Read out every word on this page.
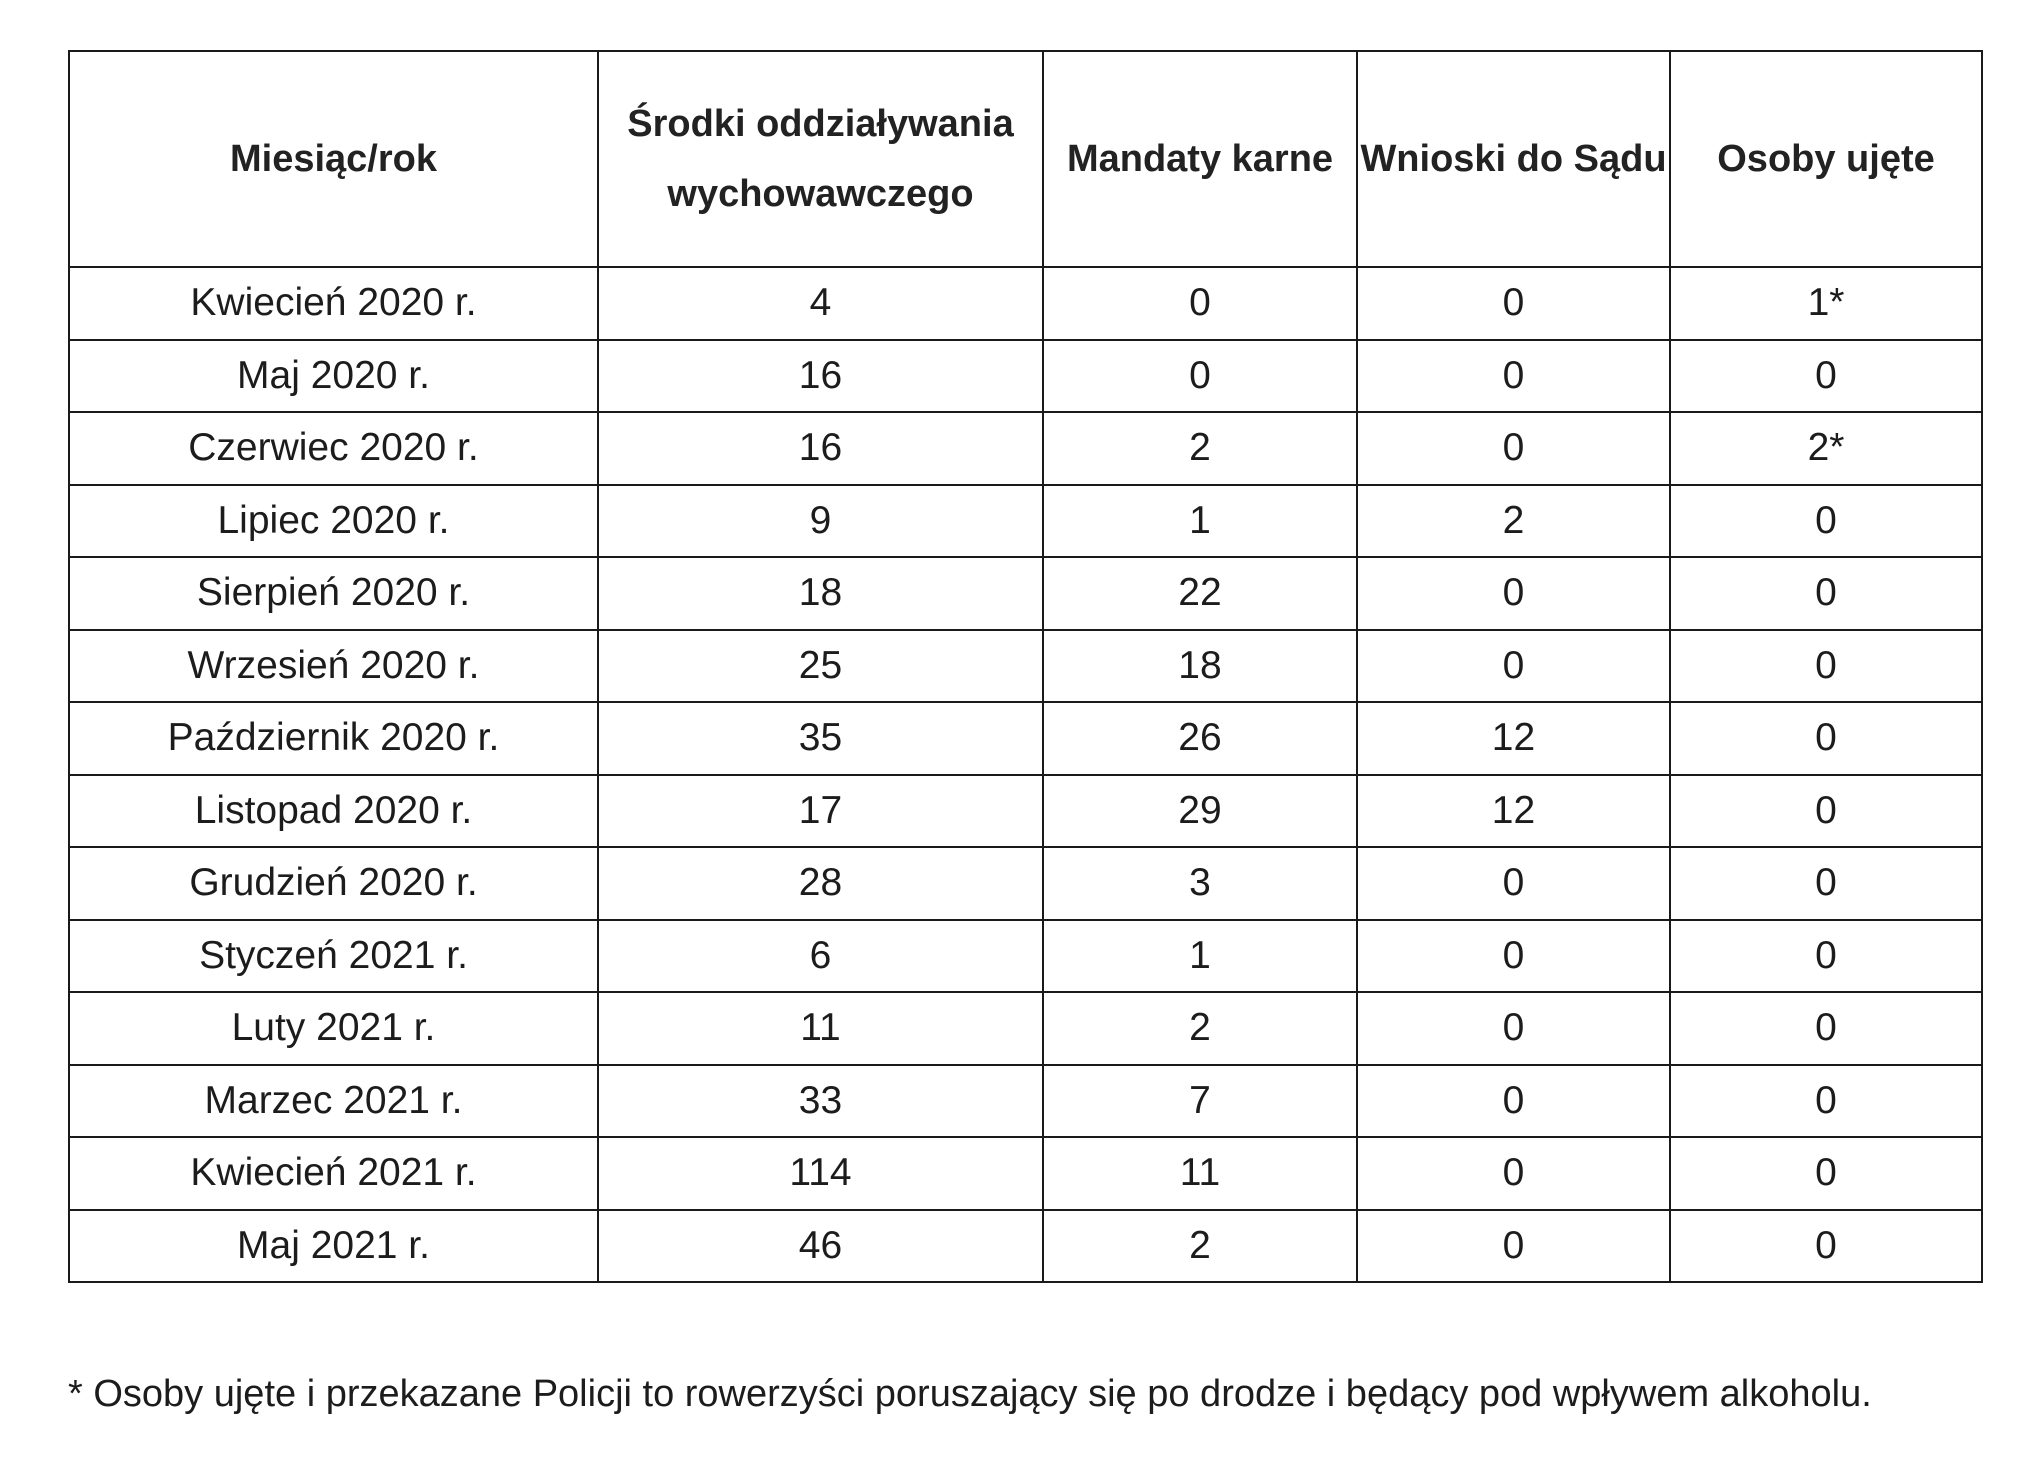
Miesiąc/rok	Środki oddziaływania wychowawczego	Mandaty karne	Wnioski do Sądu	Osoby ujęte
Kwiecień 2020 r.	4	0	0	1*
Maj 2020 r.	16	0	0	0
Czerwiec 2020 r.	16	2	0	2*
Lipiec 2020 r.	9	1	2	0
Sierpień 2020 r.	18	22	0	0
Wrzesień 2020 r.	25	18	0	0
Październik 2020 r.	35	26	12	0
Listopad 2020 r.	17	29	12	0
Grudzień 2020 r.	28	3	0	0
Styczeń 2021 r.	6	1	0	0
Luty 2021 r.	11	2	0	0
Marzec 2021 r.	33	7	0	0
Kwiecień 2021 r.	114	11	0	0
Maj 2021 r.	46	2	0	0

* Osoby ujęte i przekazane Policji to rowerzyści poruszający się po drodze i będący pod wpływem alkoholu.
